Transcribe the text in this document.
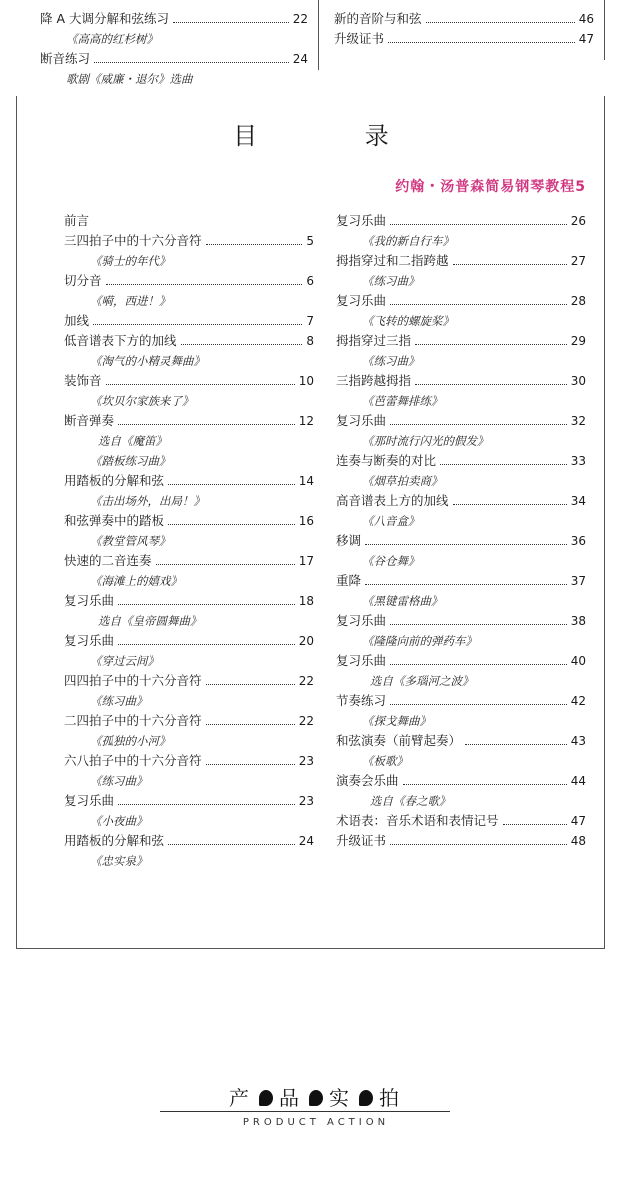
降 A 大调分解和弦练习	22
《高高的红杉树》
断音练习	24
歌剧《威廉・退尔》选曲
新的音阶与和弦	46
升级证书	47
目 录
约翰・汤普森简易钢琴教程5
前言
三四拍子中的十六分音符	5
《骑士的年代》
切分音	6
《嗬，西进！》
加线	7
低音谱表下方的加线	8
《淘气的小精灵舞曲》
装饰音	10
《坎贝尔家族来了》
断音弹奏	12
选自《魔笛》
《踏板练习曲》
用踏板的分解和弦	14
《击出场外，出局！》
和弦弹奏中的踏板	16
《教堂管风琴》
快速的二音连奏	17
《海滩上的嬉戏》
复习乐曲	18
选自《皇帝圆舞曲》
复习乐曲	20
《穿过云间》
四四拍子中的十六分音符	22
《练习曲》
二四拍子中的十六分音符	22
《孤独的小河》
六八拍子中的十六分音符	23
《练习曲》
复习乐曲	23
《小夜曲》
用踏板的分解和弦	24
《忠实泉》
复习乐曲	26
《我的新自行车》
拇指穿过和二指跨越	27
《练习曲》
复习乐曲	28
《飞转的螺旋桨》
拇指穿过三指	29
《练习曲》
三指跨越拇指	30
《芭蕾舞排练》
复习乐曲	32
《那时流行闪光的假发》
连奏与断奏的对比	33
《烟草拍卖商》
高音谱表上方的加线	34
《八音盒》
移调	36
《谷仓舞》
重降	37
《黑键雷格曲》
复习乐曲	38
《隆隆向前的弹药车》
复习乐曲	40
选自《多瑙河之波》
节奏练习	42
《探戈舞曲》
和弦演奏（前臂起奏）	43
《板歌》
演奏会乐曲	44
选自《春之歌》
术语表：音乐术语和表情记号	47
升级证书	48
产 品 实 拍
PRODUCT ACTION
